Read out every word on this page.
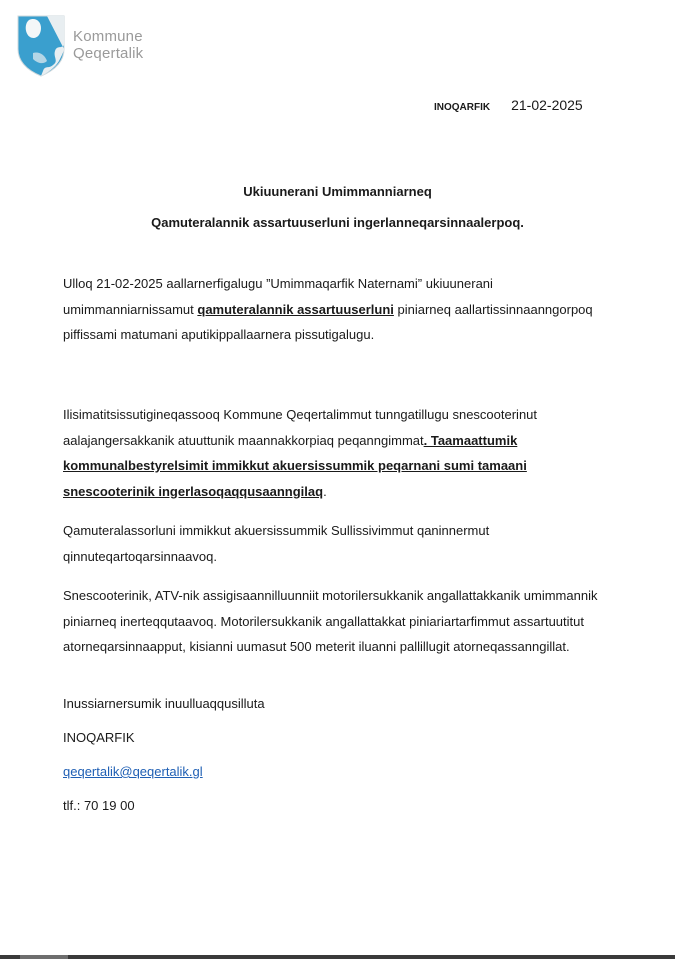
Kommune
Qeqertalik
INOQARFIK 21-02-2025
Ukiuunerani Umimmanniarneq
Qamuteralannik assartuuserluni ingerlanneqarsinnaalerpoq.
Ulloq 21-02-2025 aallarnerfigalugu ”Umimmaqarfik Naternami” ukiuunerani umimmanniarnissamut qamuteralannik assartuuserluni piniarneq aallartissinnaanngorpoq piffissami matumani aputikippallaarnera pissutigalugu.
Ilisimatitsissutigineqassooq Kommune Qeqertalimmut tunngatillugu snescooterinut aalajangersakkanik atuuttunik maannakkorpiaq peqanngimmat. Taamaattumik kommunalbestyrelsimit immikkut akuersissummik peqarnani sumi tamaani snescooterinik ingerlasoqaqqusaanngilaq.
Qamuteralassorluni immikkut akuersissummik Sullissivimmut qaninnermut qinnuteqartoqarsinnaavoq.
Snescooterinik, ATV-nik assigisaannilluunniit motorilersukkanik angallattakkanik umimmannik piniarneq inerteqqutaavoq. Motorilersukkanik angallattakkat piniariartarfimmut assartuutitut atorneqarsinnaapput, kisianni uumasut 500 meterit iluanni pallillugit atorneqassanngillat.
Inussiarnersumik inuulluaqqusilluta
INOQARFIK
qeqertalik@qeqertalik.gl
tlf.: 70 19 00
